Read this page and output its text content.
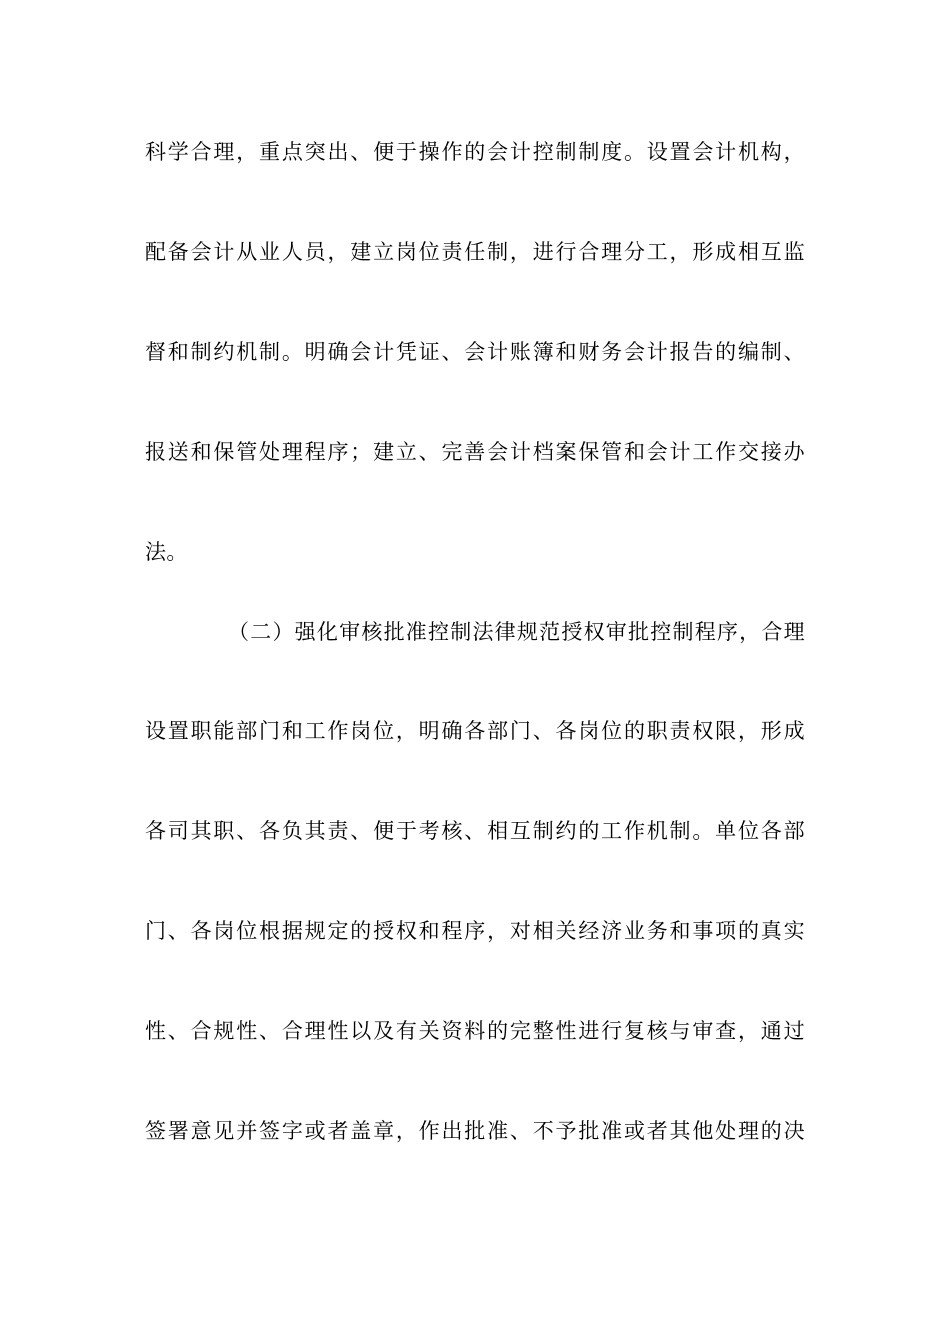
科学合理，重点突出、便于操作的会计控制制度。设置会计机构，
配备会计从业人员，建立岗位责任制，进行合理分工，形成相互监
督和制约机制。明确会计凭证、会计账簿和财务会计报告的编制、
报送和保管处理程序；建立、完善会计档案保管和会计工作交接办
法。
（二）强化审核批准控制法律规范授权审批控制程序，合理
设置职能部门和工作岗位，明确各部门、各岗位的职责权限，形成
各司其职、各负其责、便于考核、相互制约的工作机制。单位各部
门、各岗位根据规定的授权和程序，对相关经济业务和事项的真实
性、合规性、合理性以及有关资料的完整性进行复核与审查，通过
签署意见并签字或者盖章，作出批准、不予批准或者其他处理的决
